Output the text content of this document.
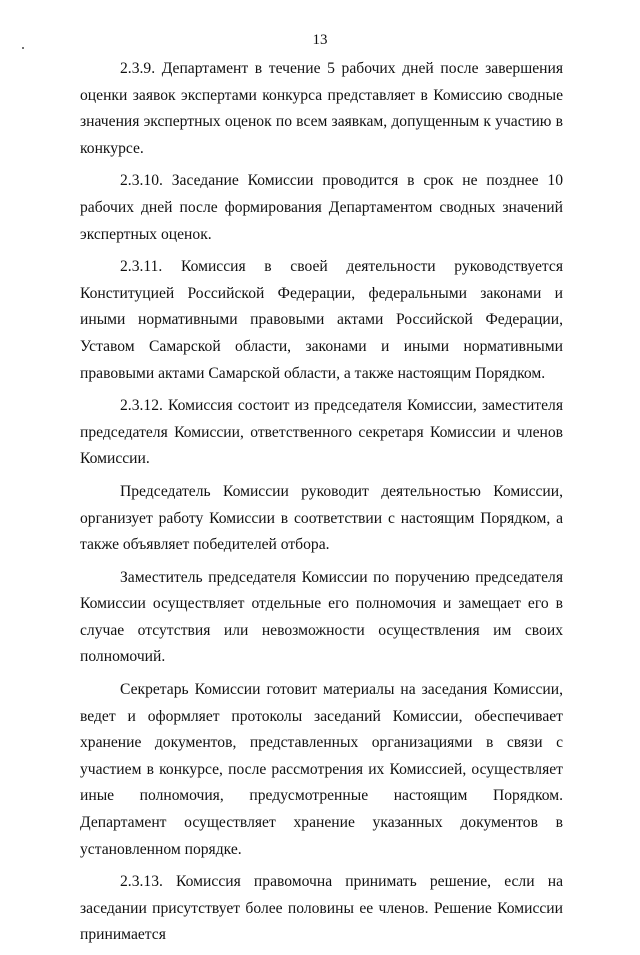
13

2.3.9. Департамент в течение 5 рабочих дней после завершения оценки заявок экспертами конкурса представляет в Комиссию сводные значения экспертных оценок по всем заявкам, допущенным к участию в конкурсе.

2.3.10. Заседание Комиссии проводится в срок не позднее 10 рабочих дней после формирования Департаментом сводных значений экспертных оценок.

2.3.11. Комиссия в своей деятельности руководствуется Конституцией Российской Федерации, федеральными законами и иными нормативными правовыми актами Российской Федерации, Уставом Самарской области, законами и иными нормативными правовыми актами Самарской области, а также настоящим Порядком.

2.3.12. Комиссия состоит из председателя Комиссии, заместителя председателя Комиссии, ответственного секретаря Комиссии и членов Комиссии.

Председатель Комиссии руководит деятельностью Комиссии, организует работу Комиссии в соответствии с настоящим Порядком, а также объявляет победителей отбора.

Заместитель председателя Комиссии по поручению председателя Комиссии осуществляет отдельные его полномочия и замещает его в случае отсутствия или невозможности осуществления им своих полномочий.

Секретарь Комиссии готовит материалы на заседания Комиссии, ведет и оформляет протоколы заседаний Комиссии, обеспечивает хранение документов, представленных организациями в связи с участием в конкурсе, после рассмотрения их Комиссией, осуществляет иные полномочия, предусмотренные настоящим Порядком. Департамент осуществляет хранение указанных документов в установленном порядке.

2.3.13. Комиссия правомочна принимать решение, если на заседании присутствует более половины ее членов. Решение Комиссии принимается
